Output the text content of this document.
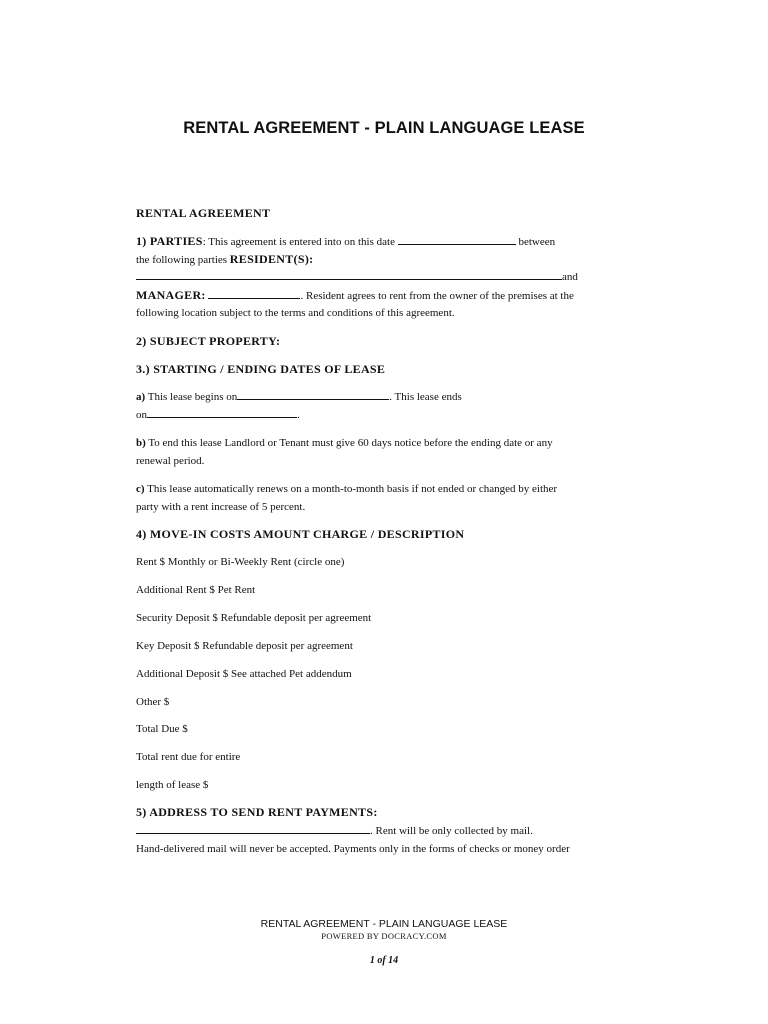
RENTAL AGREEMENT - PLAIN LANGUAGE LEASE
RENTAL AGREEMENT
1) PARTIES: This agreement is entered into on this date	between
the following parties RESIDENT(S):
and
MANAGER:	. Resident agrees to rent from the owner of the premises at the
following location subject to the terms and conditions of this agreement.
2) SUBJECT PROPERTY:
3.) STARTING / ENDING DATES OF LEASE
a) This lease begins on	. This lease ends
on	.
b) To end this lease Landlord or Tenant must give 60 days notice before the ending date or any
renewal period.
c) This lease automatically renews on a month-to-month basis if not ended or changed by either
party with a rent increase of 5 percent.
4) MOVE-IN COSTS AMOUNT CHARGE / DESCRIPTION
Rent $ Monthly or Bi-Weekly Rent (circle one)
Additional Rent $ Pet Rent
Security Deposit $ Refundable deposit per agreement
Key Deposit $ Refundable deposit per agreement
Additional Deposit $ See attached Pet addendum
Other $
Total Due $
Total rent due for entire
length of lease $
5) ADDRESS TO SEND RENT PAYMENTS:
. Rent will be only collected by mail.
Hand-delivered mail will never be accepted. Payments only in the forms of checks or money order
RENTAL AGREEMENT - PLAIN LANGUAGE LEASE
POWERED BY DOCRACY.COM
1 of 14
